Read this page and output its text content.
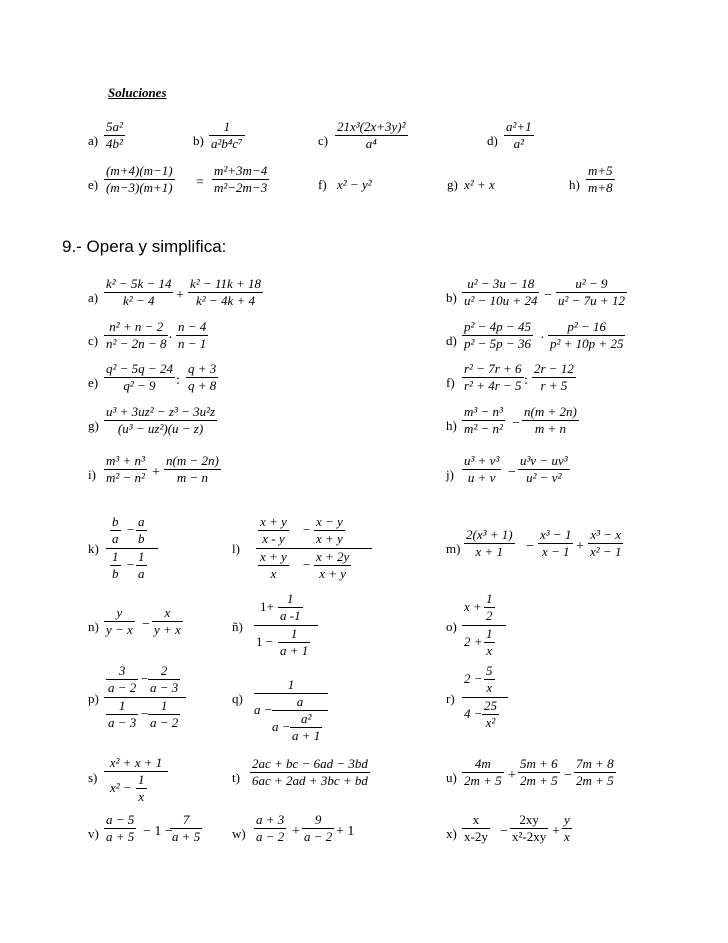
Soluciones
a)
5a²
4b²	b)
1
a²b⁴c⁷	c)
21x³(2x+3y)²
a⁴	d)
a²+1
a²
e)
(m+4)(m−1)
(m−3)(m+1) =
m²+3m−4
m²−2m−3	f) x² − y²	g) x² + x	h)
m+5
m+8
9.- Opera y simplifica:
a)
k² − 5k − 14
k² − 4	+
k² − 11k + 18
k² − 4k + 4	b)
u² − 3u − 18
u² − 10u + 24 −
u² − 9
u² − 7u + 12
c)
n² + n − 2
n² − 2n − 8 ·
n − 4
n − 1	d)
p² − 4p − 45
p² − 5p − 36 ·
p² − 16
p² + 10p + 25
e)
q² − 5q − 24
q² − 9	:
q + 3
q + 8	f)
r² − 7r + 6
r² + 4r − 5 :
2r − 12
r + 5
g)
u³ + 3uz² − z³ − 3u²z
(u³ − uz²)(u − z)	h)
m³ − n³
m² − n² −
n(m + 2n)
m + n
i)
m³ + n³
m² − n² +
n(m − 2n)
m − n	j)
u³ + v³
u + v −
u³v − uv³
u² − v²
k)
b
a
−
a
b
1
b
−
1
a
l)
x + y
x - y
−
x − y
x + y
x + y
x
−
x + 2y
x + y
m)
2(x³ + 1)
x + 1	−
x³ − 1
x − 1 +
x³ − x
x² − 1
n)
y
y − x −
x
y + x	ñ)
1+
1
a -1
1 −
1
a + 1
o)
x +
1
2
2 +
1
x
p)
3
a − 2
−
2
a − 3
1
a − 3
−
1
a − 2
q)
1
a −
a
a −
a²
a + 1
r)
2 −
5
x
4 −
25
x²
s)
x² + x + 1
x² −
1
x
t)
2ac + bc − 6ad − 3bd
6ac + 2ad + 3bc + bd	u)
4m
2m + 5 +
5m + 6
2m + 5 −
7m + 8
2m + 5
v)
a − 5
a + 5 − 1 −
7
a + 5 w)
a + 3
a − 2 +
9
a − 2 + 1	x)
x
x-2y −
2xy
x²-2xy +
y
x
